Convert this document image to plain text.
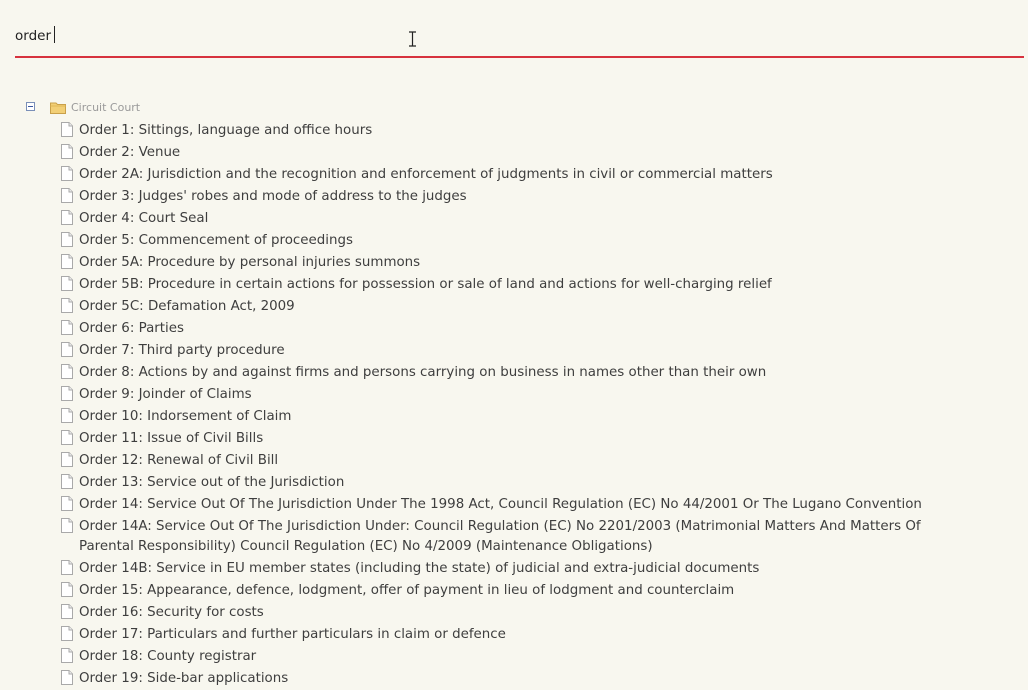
order
Circuit Court
Order 1: Sittings, language and office hours
Order 2: Venue
Order 2A: Jurisdiction and the recognition and enforcement of judgments in civil or commercial matters
Order 3: Judges' robes and mode of address to the judges
Order 4: Court Seal
Order 5: Commencement of proceedings
Order 5A: Procedure by personal injuries summons
Order 5B: Procedure in certain actions for possession or sale of land and actions for well-charging relief
Order 5C: Defamation Act, 2009
Order 6: Parties
Order 7: Third party procedure
Order 8: Actions by and against firms and persons carrying on business in names other than their own
Order 9: Joinder of Claims
Order 10: Indorsement of Claim
Order 11: Issue of Civil Bills
Order 12: Renewal of Civil Bill
Order 13: Service out of the Jurisdiction
Order 14: Service Out Of The Jurisdiction Under The 1998 Act, Council Regulation (EC) No 44/2001 Or The Lugano Convention
Order 14A: Service Out Of The Jurisdiction Under: Council Regulation (EC) No 2201/2003 (Matrimonial Matters And Matters Of Parental Responsibility) Council Regulation (EC) No 4/2009 (Maintenance Obligations)
Order 14B: Service in EU member states (including the state) of judicial and extra-judicial documents
Order 15: Appearance, defence, lodgment, offer of payment in lieu of lodgment and counterclaim
Order 16: Security for costs
Order 17: Particulars and further particulars in claim or defence
Order 18: County registrar
Order 19: Side-bar applications
